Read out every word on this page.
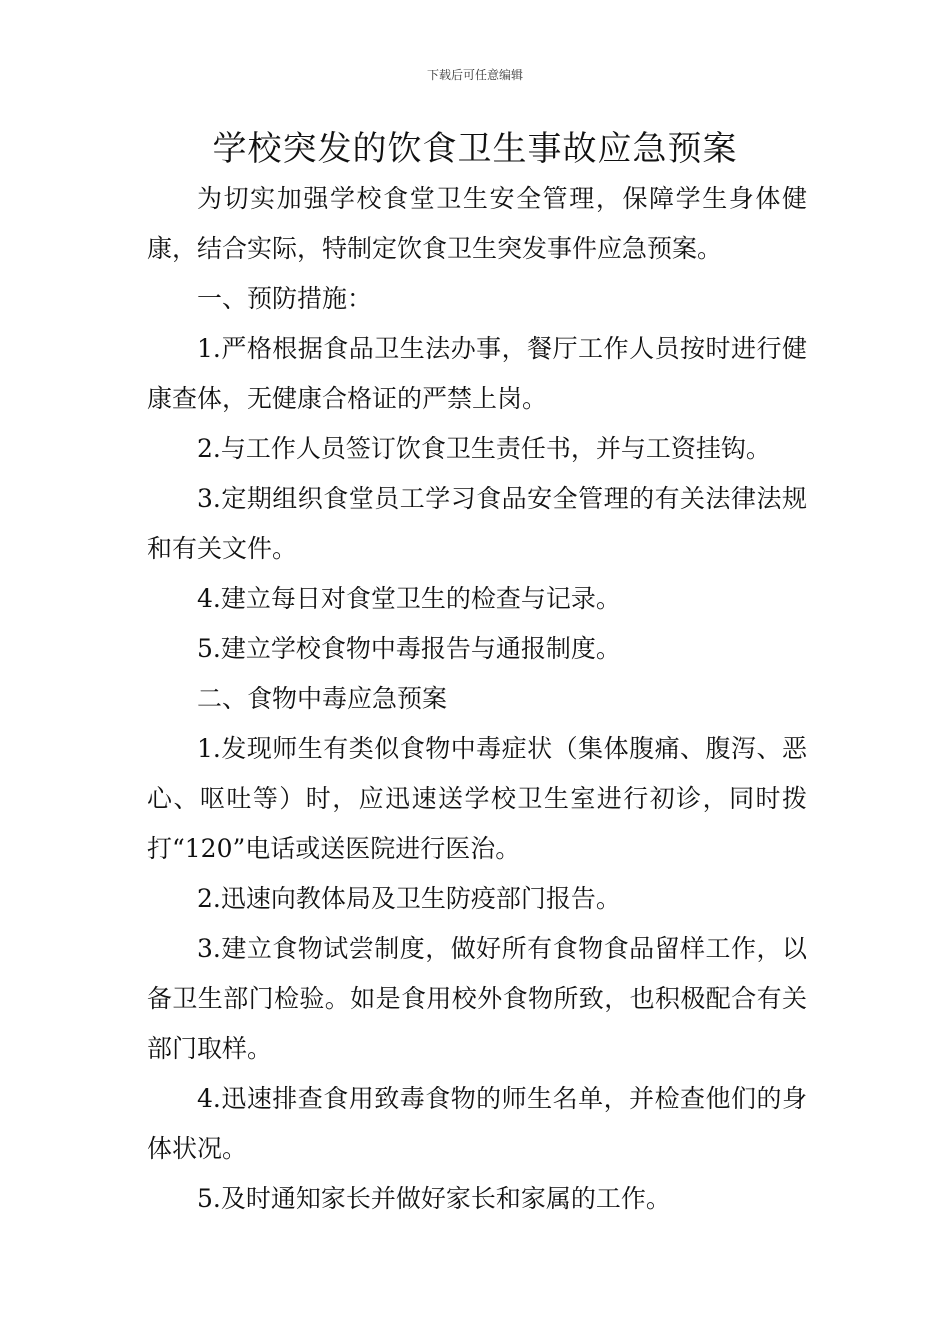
下载后可任意编辑
学校突发的饮食卫生事故应急预案

为切实加强学校食堂卫生安全管理，保障学生身体健康，结合实际，特制定饮食卫生突发事件应急预案。

一、预防措施：

1.严格根据食品卫生法办事，餐厅工作人员按时进行健康查体，无健康合格证的严禁上岗。

2.与工作人员签订饮食卫生责任书，并与工资挂钩。

3.定期组织食堂员工学习食品安全管理的有关法律法规和有关文件。

4.建立每日对食堂卫生的检查与记录。

5.建立学校食物中毒报告与通报制度。

二、食物中毒应急预案

1.发现师生有类似食物中毒症状（集体腹痛、腹泻、恶心、呕吐等）时，应迅速送学校卫生室进行初诊，同时拨打“120”电话或送医院进行医治。

2.迅速向教体局及卫生防疫部门报告。

3.建立食物试尝制度，做好所有食物食品留样工作，以备卫生部门检验。如是食用校外食物所致，也积极配合有关部门取样。

4.迅速排查食用致毒食物的师生名单，并检查他们的身体状况。

5.及时通知家长并做好家长和家属的工作。
